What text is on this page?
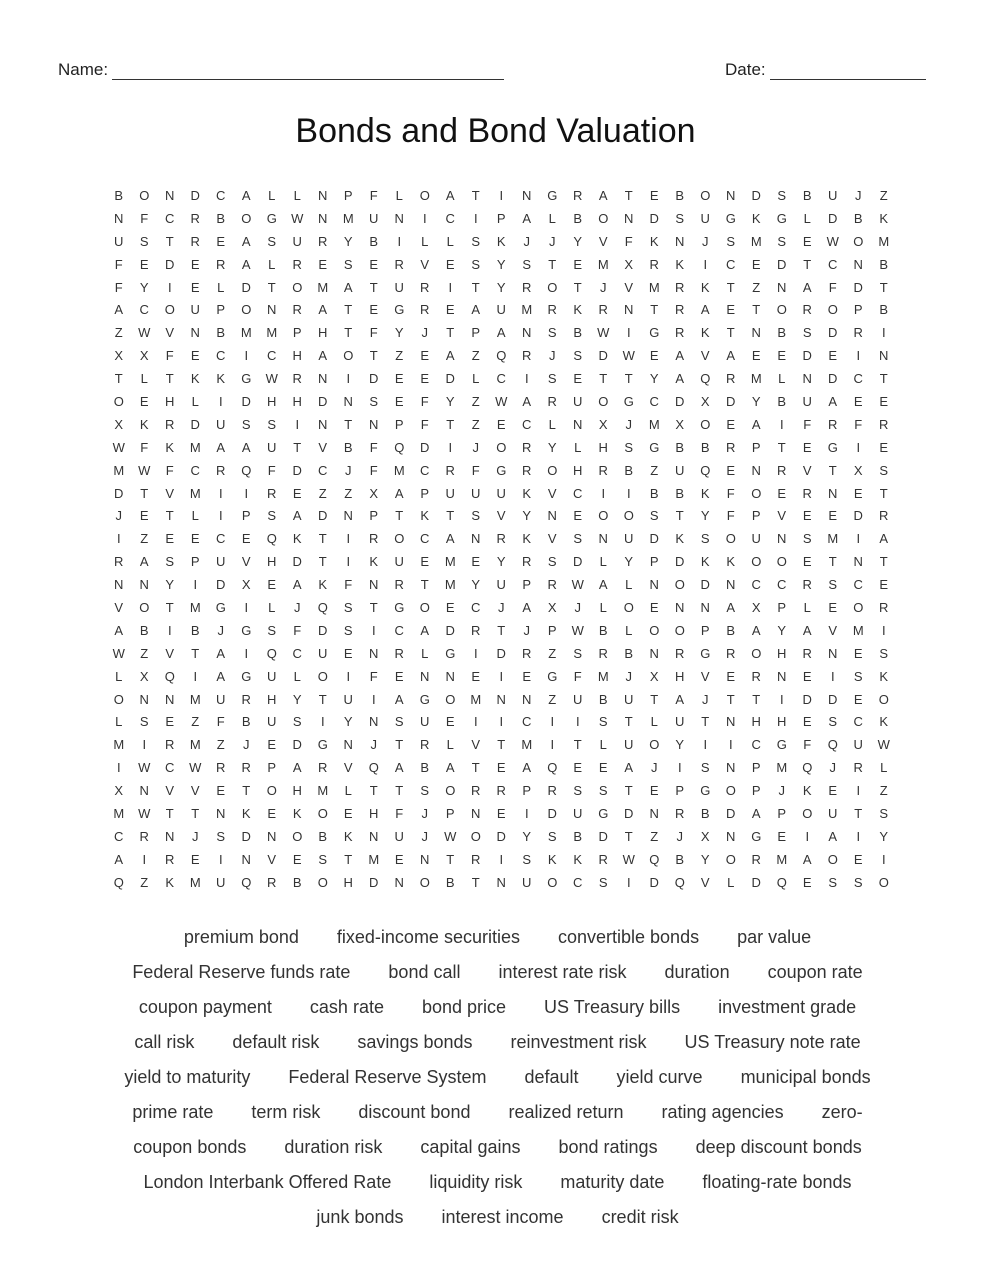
Name:	Date:
Bonds and Bond Valuation
B	O	N	D	C	A	L	L	N	P	F	L	O	A	T	I	N	G	R	A	T	E	B	O	N	D	S	B	U	J	Z
N	F	C	R	B	O	G	W	N	M	U	N	I	C	I	P	A	L	B	O	N	D	S	U	G	K	G	L	D	B	K
U	S	T	R	E	A	S	U	R	Y	B	I	L	L	S	K	J	J	Y	V	F	K	N	J	S	M	S	E	W	O	M
F	E	D	E	R	A	L	R	E	S	E	R	V	E	S	Y	S	T	E	M	X	R	K	I	C	E	D	T	C	N	B
F	Y	I	E	L	D	T	O	M	A	T	U	R	I	T	Y	R	O	T	J	V	M	R	K	T	Z	N	A	F	D	T
A	C	O	U	P	O	N	R	A	T	E	G	R	E	A	U	M	R	K	R	N	T	R	A	E	T	O	R	O	P	B
Z	W	V	N	B	M	M	P	H	T	F	Y	J	T	P	A	N	S	B	W	I	G	R	K	T	N	B	S	D	R	I
X	X	F	E	C	I	C	H	A	O	T	Z	E	A	Z	Q	R	J	S	D	W	E	A	V	A	E	E	D	E	I	N
T	L	T	K	K	G	W	R	N	I	D	E	E	D	L	C	I	S	E	T	T	Y	A	Q	R	M	L	N	D	C	T
O	E	H	L	I	D	H	H	D	N	S	E	F	Y	Z	W	A	R	U	O	G	C	D	X	D	Y	B	U	A	E	E
X	K	R	D	U	S	S	I	N	T	N	P	F	T	Z	E	C	L	N	X	J	M	X	O	E	A	I	F	R	F	R
W	F	K	M	A	A	U	T	V	B	F	Q	D	I	J	O	R	Y	L	H	S	G	B	B	R	P	T	E	G	I	E
M	W	F	C	R	Q	F	D	C	J	F	M	C	R	F	G	R	O	H	R	B	Z	U	Q	E	N	R	V	T	X	S
D	T	V	M	I	I	R	E	Z	Z	X	A	P	U	U	U	K	V	C	I	I	B	B	K	F	O	E	R	N	E	T
J	E	T	L	I	P	S	A	D	N	P	T	K	T	S	V	Y	N	E	O	O	S	T	Y	F	P	V	E	E	D	R
I	Z	E	E	C	E	Q	K	T	I	R	O	C	A	N	R	K	V	S	N	U	D	K	S	O	U	N	S	M	I	A
R	A	S	P	U	V	H	D	T	I	K	U	E	M	E	Y	R	S	D	L	Y	P	D	K	K	O	O	E	T	N	T
N	N	Y	I	D	X	E	A	K	F	N	R	T	M	Y	U	P	R	W	A	L	N	O	D	N	C	C	R	S	C	E
V	O	T	M	G	I	L	J	Q	S	T	G	O	E	C	J	A	X	J	L	O	E	N	N	A	X	P	L	E	O	R
A	B	I	B	J	G	S	F	D	S	I	C	A	D	R	T	J	P	W	B	L	O	O	P	B	A	Y	A	V	M	I
W	Z	V	T	A	I	Q	C	U	E	N	R	L	G	I	D	R	Z	S	R	B	N	R	G	R	O	H	R	N	E	S
L	X	Q	I	A	G	U	L	O	I	F	E	N	N	E	I	E	G	F	M	J	X	H	V	E	R	N	E	I	S	K
O	N	N	M	U	R	H	Y	T	U	I	A	G	O	M	N	N	Z	U	B	U	T	A	J	T	T	I	D	D	E	O
L	S	E	Z	F	B	U	S	I	Y	N	S	U	E	I	I	C	I	I	S	T	L	U	T	N	H	H	E	S	C	K
M	I	R	M	Z	J	E	D	G	N	J	T	R	L	V	T	M	I	T	L	U	O	Y	I	I	C	G	F	Q	U	W
I	W	C	W	R	R	P	A	R	V	Q	A	B	A	T	E	A	Q	E	E	A	J	I	S	N	P	M	Q	J	R	L
X	N	V	V	E	T	O	H	M	L	T	T	S	O	R	R	P	R	S	S	T	E	P	G	O	P	J	K	E	I	Z
M	W	T	T	N	K	E	K	O	E	H	F	J	P	N	E	I	D	U	G	D	N	R	B	D	A	P	O	U	T	S
C	R	N	J	S	D	N	O	B	K	N	U	J	W	O	D	Y	S	B	D	T	Z	J	X	N	G	E	I	A	I	Y
A	I	R	E	I	N	V	E	S	T	M	E	N	T	R	I	S	K	K	R	W	Q	B	Y	O	R	M	A	O	E	I
Q	Z	K	M	U	Q	R	B	O	H	D	N	O	B	T	N	U	O	C	S	I	D	Q	V	L	D	Q	E	S	S	O
premium bond fixed-income securities convertible bonds par value
Federal Reserve funds rate bond call interest rate risk duration coupon rate
coupon payment cash rate bond price US Treasury bills investment grade
call risk default risk savings bonds reinvestment risk US Treasury note rate
yield to maturity Federal Reserve System default yield curve municipal bonds
prime rate term risk discount bond realized return rating agencies zero-
coupon bonds duration risk capital gains bond ratings deep discount bonds
London Interbank Offered Rate liquidity risk maturity date floating-rate bonds
junk bonds interest income credit risk
